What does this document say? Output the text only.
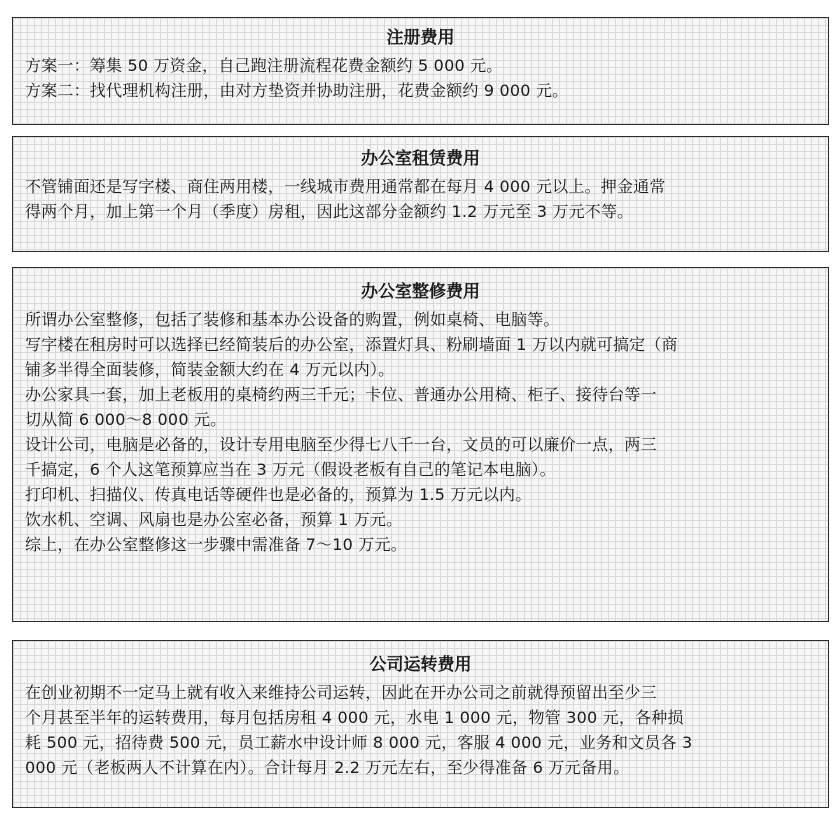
注册费用

方案一：筹集 50 万资金，自己跑注册流程花费金额约 5 000 元。

方案二：找代理机构注册，由对方垫资并协助注册，花费金额约 9 000 元。

办公室租赁费用

不管铺面还是写字楼、商住两用楼，一线城市费用通常都在每月 4 000 元以上。押金通常

得两个月，加上第一个月（季度）房租，因此这部分金额约 1.2 万元至 3 万元不等。

办公室整修费用

所谓办公室整修，包括了装修和基本办公设备的购置，例如桌椅、电脑等。

写字楼在租房时可以选择已经简装后的办公室，添置灯具、粉刷墙面 1 万以内就可搞定（商

铺多半得全面装修，简装金额大约在 4 万元以内）。

办公家具一套，加上老板用的桌椅约两三千元；卡位、普通办公用椅、柜子、接待台等一

切从简 6 000～8 000 元。

设计公司，电脑是必备的，设计专用电脑至少得七八千一台，文员的可以廉价一点，两三

千搞定，6 个人这笔预算应当在 3 万元（假设老板有自己的笔记本电脑）。

打印机、扫描仪、传真电话等硬件也是必备的，预算为 1.5 万元以内。

饮水机、空调、风扇也是办公室必备，预算 1 万元。

综上，在办公室整修这一步骤中需准备 7～10 万元。

公司运转费用

在创业初期不一定马上就有收入来维持公司运转，因此在开办公司之前就得预留出至少三

个月甚至半年的运转费用，每月包括房租 4 000 元，水电 1 000 元，物管 300 元，各种损

耗 500 元，招待费 500 元，员工薪水中设计师 8 000 元，客服 4 000 元，业务和文员各 3

000 元（老板两人不计算在内）。合计每月 2.2 万元左右，至少得准备 6 万元备用。
